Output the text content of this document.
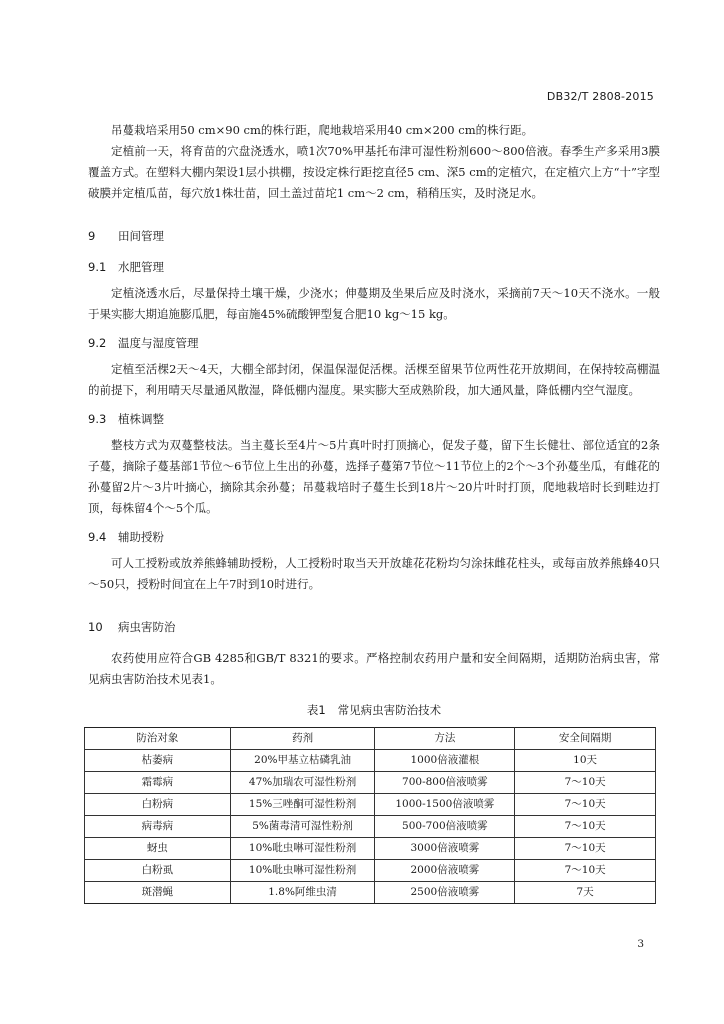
DB32/T 2808-2015

吊蔓栽培采用50 cm×90 cm的株行距，爬地栽培采用40 cm×200 cm的株行距。

定植前一天，将育苗的穴盘浇透水，喷1次70%甲基托布津可湿性粉剂600～800倍液。春季生产多采用3膜覆盖方式。在塑料大棚内架设1层小拱棚，按设定株行距挖直径5 cm、深5 cm的定植穴，在定植穴上方“十”字型破膜并定植瓜苗，每穴放1株壮苗，回土盖过苗坨1 cm～2 cm，稍稍压实，及时浇足水。

9 田间管理
9.1 水肥管理

定植浇透水后，尽量保持土壤干燥，少浇水；伸蔓期及坐果后应及时浇水，采摘前7天～10天不浇水。一般于果实膨大期追施膨瓜肥，每亩施45%硫酸钾型复合肥10 kg～15 kg。

9.2 温度与湿度管理

定植至活棵2天～4天，大棚全部封闭，保温保湿促活棵。活棵至留果节位两性花开放期间，在保持较高棚温的前提下，利用晴天尽量通风散湿，降低棚内湿度。果实膨大至成熟阶段，加大通风量，降低棚内空气湿度。

9.3 植株调整

整枝方式为双蔓整枝法。当主蔓长至4片～5片真叶时打顶摘心，促发子蔓，留下生长健壮、部位适宜的2条子蔓，摘除子蔓基部1节位～6节位上生出的孙蔓，选择子蔓第7节位～11节位上的2个～3个孙蔓坐瓜，有雌花的孙蔓留2片～3片叶摘心，摘除其余孙蔓；吊蔓栽培时子蔓生长到18片～20片叶时打顶，爬地栽培时长到畦边打顶，每株留4个～5个瓜。

9.4 辅助授粉

可人工授粉或放养熊蜂辅助授粉，人工授粉时取当天开放雄花花粉均匀涂抹雌花柱头，或每亩放养熊蜂40只～50只，授粉时间宜在上午7时到10时进行。

10 病虫害防治

农药使用应符合GB 4285和GB/T 8321的要求。严格控制农药用户量和安全间隔期，适期防治病虫害，常见病虫害防治技术见表1。

表1 常见病虫害防治技术
防治对象	药剂	方法	安全间隔期
枯萎病	20%甲基立枯磷乳油	1000倍液灌根	10天
霜霉病	47%加瑞农可湿性粉剂	700-800倍液喷雾	7～10天
白粉病	15%三唑酮可湿性粉剂	1000-1500倍液喷雾	7～10天
病毒病	5%菌毒清可湿性粉剂	500-700倍液喷雾	7～10天
蚜虫	10%吡虫啉可湿性粉剂	3000倍液喷雾	7～10天
白粉虱	10%吡虫啉可湿性粉剂	2000倍液喷雾	7～10天
斑潜蝇	1.8%阿维虫清	2500倍液喷雾	7天
3
